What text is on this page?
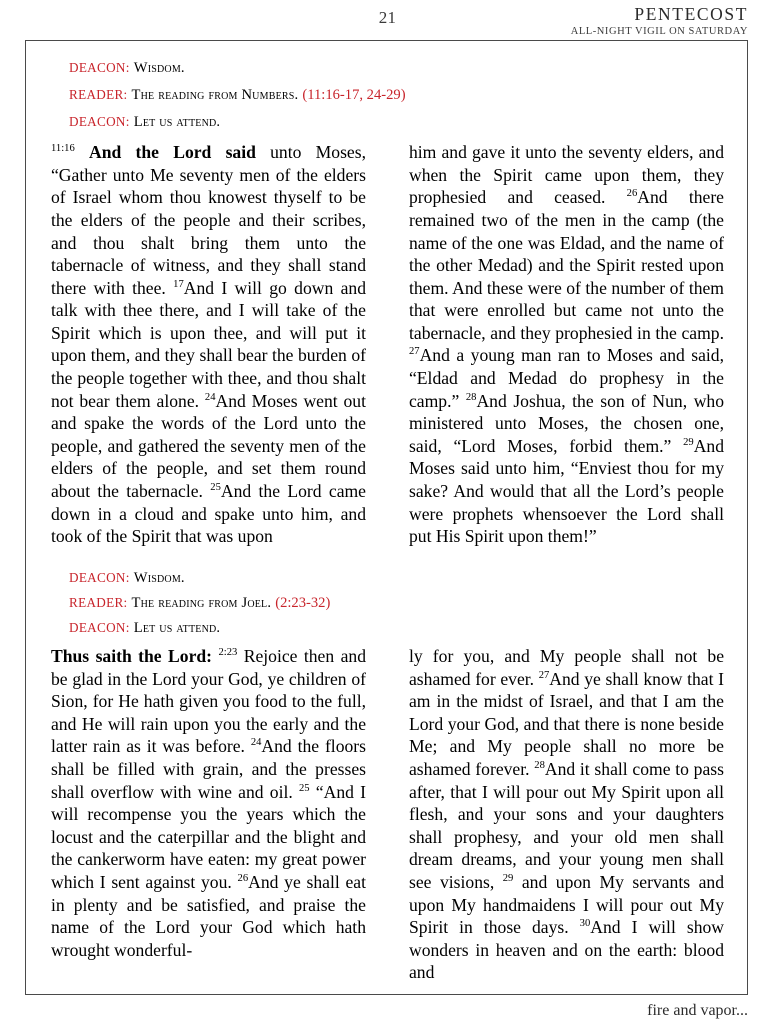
21	PENTECOST
ALL-NIGHT VIGIL ON SATURDAY
DEACON: Wisdom.
READER: The reading from Numbers. (11:16-17, 24-29)
DEACON: Let us attend.

$^{11:16}$ And the Lord said unto Moses, “Gather unto Me seventy men of the elders of Israel whom thou knowest thyself to be the elders of the people and their scribes, and thou shalt bring them unto the tabernacle of witness, and they shall stand there with thee. $^{17}$And I will go down and talk with thee there, and I will take of the Spirit which is upon thee, and will put it upon them, and they shall bear the burden of the people together with thee, and thou shalt not bear them alone. $^{24}$And Moses went out and spake the words of the Lord unto the people, and gathered the seventy men of the elders of the people, and set them round about the tabernacle. $^{25}$And the Lord came down in a cloud and spake unto him, and took of the Spirit that was upon

him and gave it unto the seventy elders, and when the Spirit came upon them, they prophesied and ceased. $^{26}$And there remained two of the men in the camp (the name of the one was Eldad, and the name of the other Medad) and the Spirit rested upon them. And these were of the number of them that were enrolled but came not unto the tabernacle, and they prophesied in the camp. $^{27}$And a young man ran to Moses and said, “Eldad and Medad do prophesy in the camp.” $^{28}$And Joshua, the son of Nun, who ministered unto Moses, the chosen one, said, “Lord Moses, forbid them.” $^{29}$And Moses said unto him, “Enviest thou for my sake? And would that all the Lord’s people were prophets whensoever the Lord shall put His Spirit upon them!”

DEACON: Wisdom.
READER: The reading from Joel. (2:23-32)
DEACON: Let us attend.

Thus saith the Lord: $^{2:23}$ Rejoice then and be glad in the Lord your God, ye children of Sion, for He hath given you food to the full, and He will rain upon you the early and the latter rain as it was before. $^{24}$And the floors shall be filled with grain, and the presses shall overflow with wine and oil. $^{25}$ “And I will recompense you the years which the locust and the caterpillar and the blight and the cankerworm have eaten: my great power which I sent against you. $^{26}$And ye shall eat in plenty and be satisfied, and praise the name of the Lord your God which hath wrought wonderful-

ly for you, and My people shall not be ashamed for ever. $^{27}$And ye shall know that I am in the midst of Israel, and that I am the Lord your God, and that there is none beside Me; and My people shall no more be ashamed forever. $^{28}$And it shall come to pass after, that I will pour out My Spirit upon all flesh, and your sons and your daughters shall prophesy, and your old men shall dream dreams, and your young men shall see visions, $^{29}$ and upon My servants and upon My handmaidens I will pour out My Spirit in those days. $^{30}$And I will show wonders in heaven and on the earth: blood and

fire and vapor...
